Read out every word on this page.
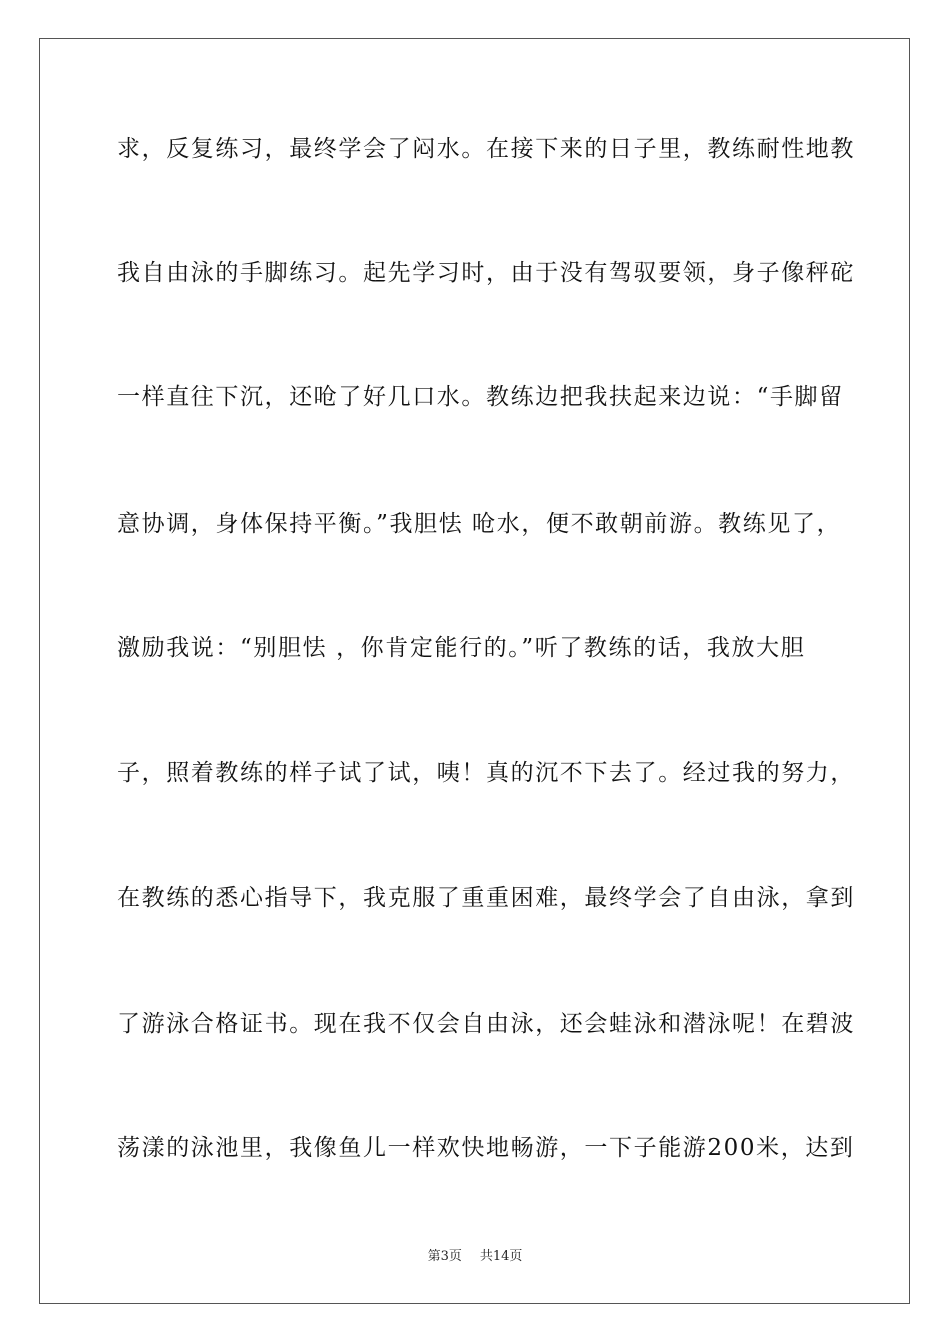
求，反复练习，最终学会了闷水。在接下来的日子里，教练耐性地教
我自由泳的手脚练习。起先学习时，由于没有驾驭要领，身子像秤砣
一样直往下沉，还呛了好几口水。教练边把我扶起来边说：“手脚留
意协调，身体保持平衡。”我胆怯 呛水，便不敢朝前游。教练见了，
激励我说：“别胆怯 ，你肯定能行的。”听了教练的话，我放大胆
子，照着教练的样子试了试，咦！真的沉不下去了。经过我的努力，
在教练的悉心指导下，我克服了重重困难，最终学会了自由泳，拿到
了游泳合格证书。现在我不仅会自由泳，还会蛙泳和潜泳呢！在碧波
荡漾的泳池里，我像鱼儿一样欢快地畅游，一下子能游200米，达到
第3页 共14页
